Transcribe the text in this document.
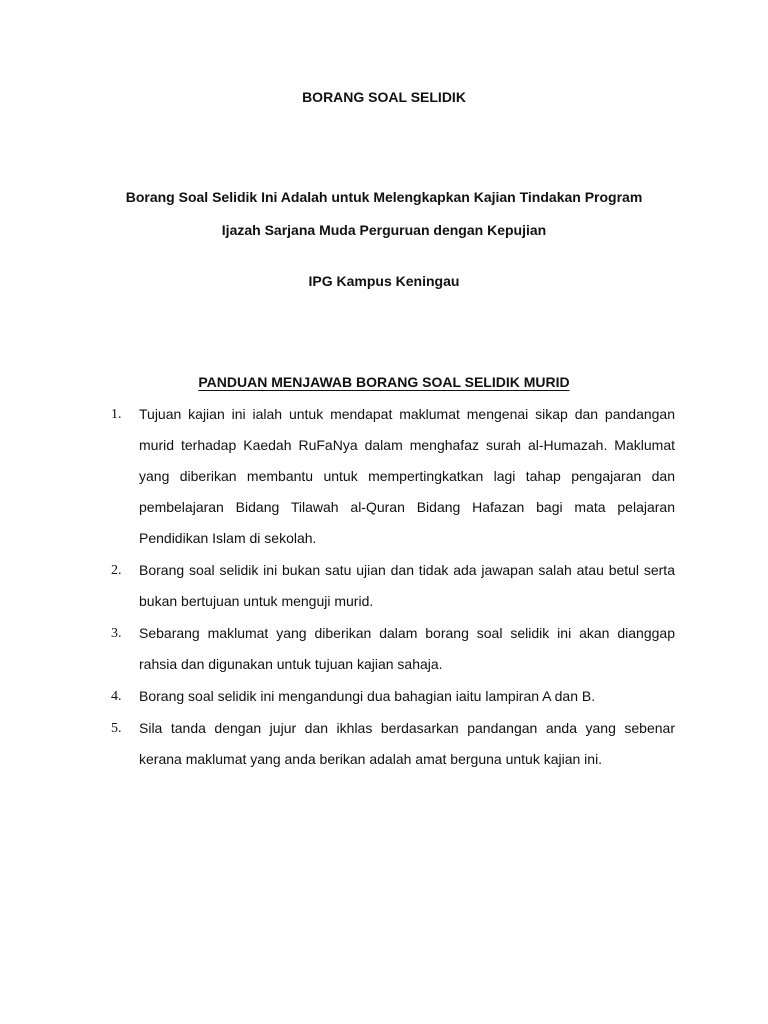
BORANG SOAL SELIDIK
Borang Soal Selidik Ini Adalah untuk Melengkapkan Kajian Tindakan Program
Ijazah Sarjana Muda Perguruan dengan Kepujian
IPG Kampus Keningau
PANDUAN MENJAWAB BORANG SOAL SELIDIK MURID
1.	Tujuan kajian ini ialah untuk mendapat maklumat mengenai sikap dan pandangan murid terhadap Kaedah RuFaNya dalam menghafaz surah al-Humazah. Maklumat yang diberikan membantu untuk mempertingkatkan lagi tahap pengajaran dan pembelajaran Bidang Tilawah al-Quran Bidang Hafazan bagi mata pelajaran Pendidikan Islam di sekolah.
2.	Borang soal selidik ini bukan satu ujian dan tidak ada jawapan salah atau betul serta bukan bertujuan untuk menguji murid.
3.	Sebarang maklumat yang diberikan dalam borang soal selidik ini akan dianggap rahsia dan digunakan untuk tujuan kajian sahaja.
4.	Borang soal selidik ini mengandungi dua bahagian iaitu lampiran A dan B.
5.	Sila tanda dengan jujur dan ikhlas berdasarkan pandangan anda yang sebenar kerana maklumat yang anda berikan adalah amat berguna untuk kajian ini.
